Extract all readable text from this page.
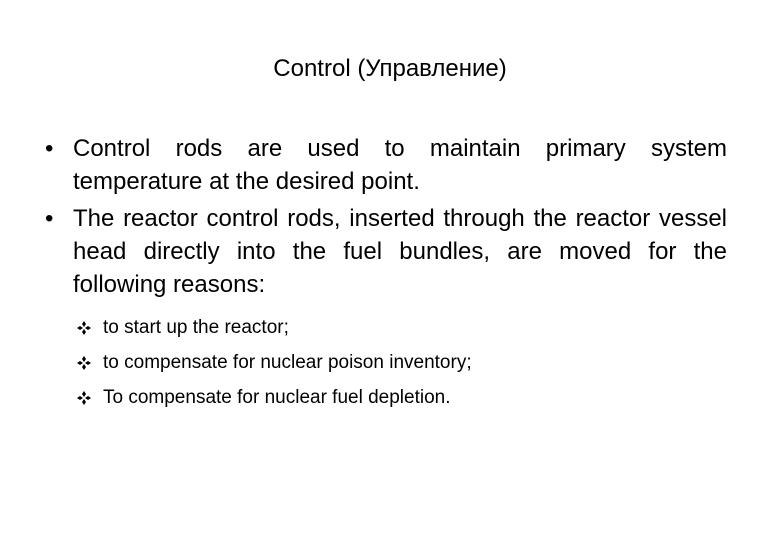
Control (Управление)
• Control rods are used to maintain primary system temperature at the desired point.
• The reactor control rods, inserted through the reactor vessel head directly into the fuel bundles, are moved for the following reasons:
to start up the reactor;
to compensate for nuclear poison inventory;
To compensate for nuclear fuel depletion.
